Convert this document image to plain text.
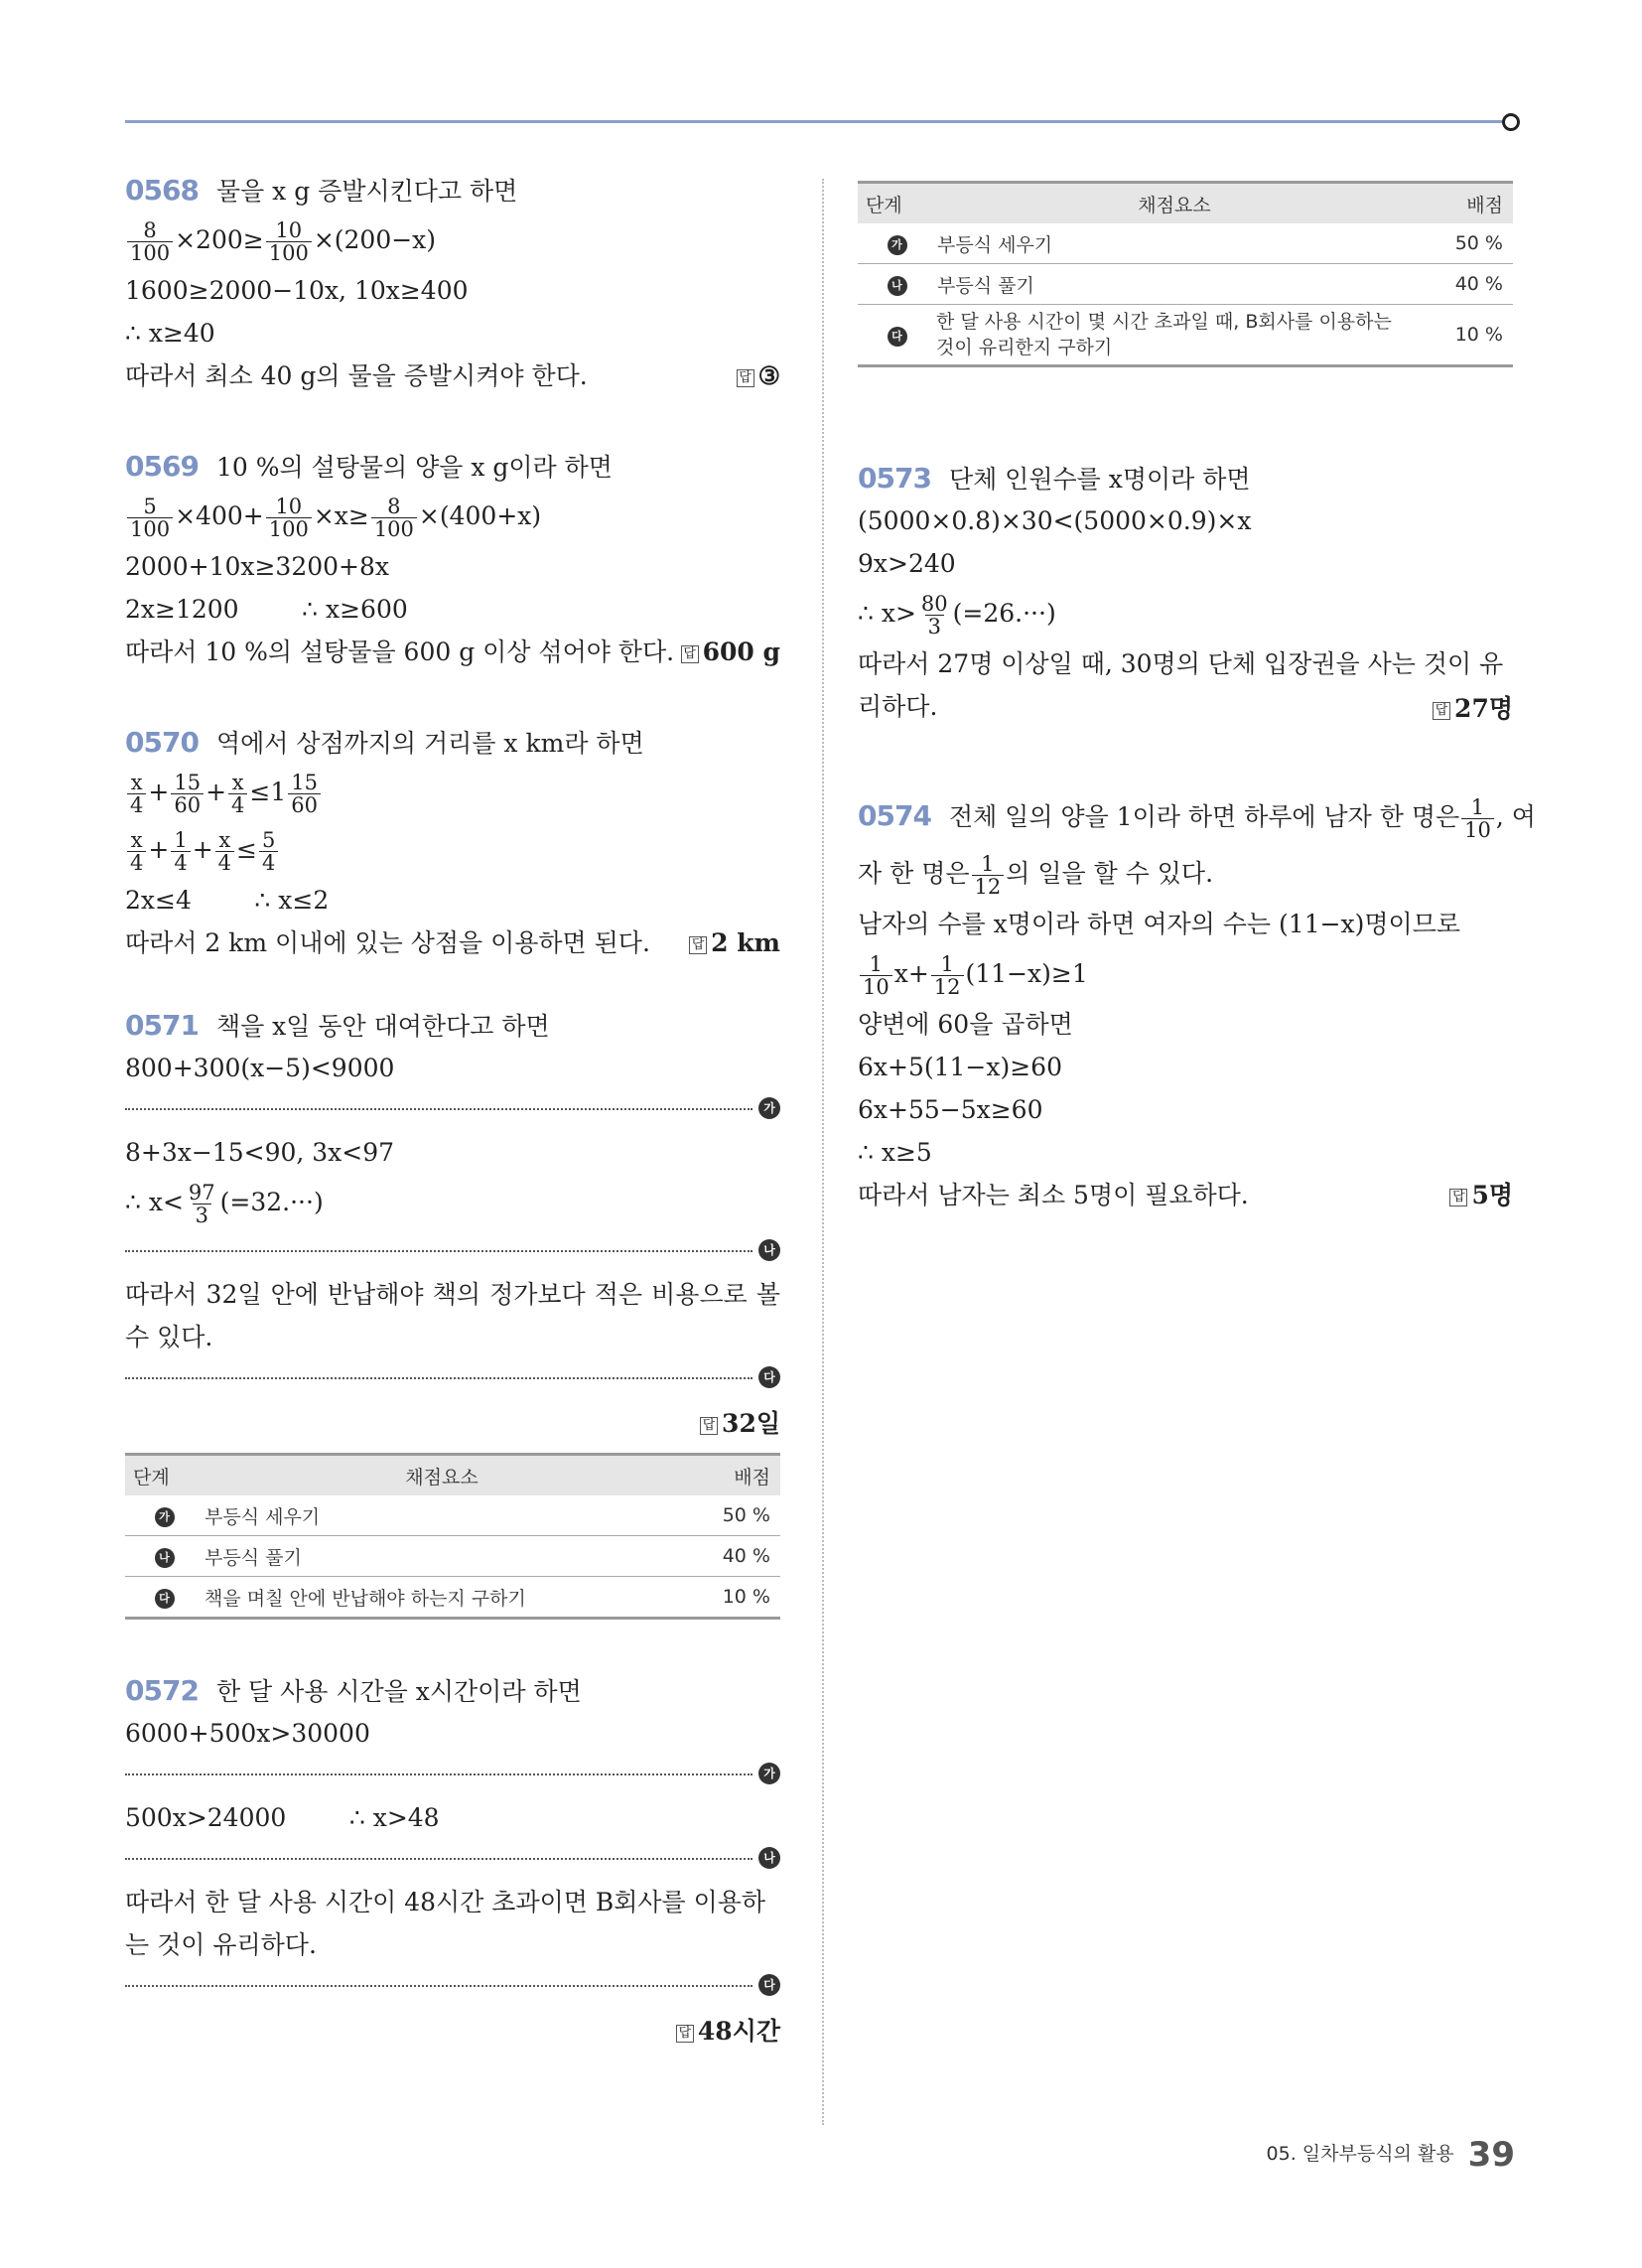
0568 물을 x g 증발시킨다고 하면
$\frac{8}{100} \times 200\ge \frac{10}{100} \times(200-x)$
1600≥2000−10x, 10x≥400
∴ x≥40
따라서 최소 40 g의 물을 증발시켜야 한다.	답 ③
0569 10 %의 설탕물의 양을 x g이라 하면
$\frac{5}{100} \times 400+ \frac{10}{100} \times x\ge \frac{8}{100} \times(400+x)$
2000+10x≥3200+8x
2x≥1200        ∴ x≥600
따라서 10 %의 설탕물을 600 g 이상 섞어야 한다. 답 600 g
0570 역에서 상점까지의 거리를 x km라 하면
$\frac{x}{4} + \frac{15}{60} + \frac{x}{4} \le 1 \frac{15}{60}$
$\frac{x}{4} + \frac{1}{4} + \frac{x}{4} \le \frac{5}{4}$
2x≤4        ∴ x≤2
따라서 2 km 이내에 있는 상점을 이용하면 된다.	답 2 km
0571 책을 x일 동안 대여한다고 하면
800+300(x−5)<9000
가
8+3x−15<90, 3x<97
∴ $x< \frac{97}{3} (=32.\cdot\cdot\cdot)$
나
따라서 32일 안에 반납해야 책의 정가보다 적은 비용으로 볼 수 있다.
다
답 32일
단계	채점요소	배점
가	부등식 세우기	50 %
나	부등식 풀기	40 %
다	책을 며칠 안에 반납해야 하는지 구하기	10 %
0572 한 달 사용 시간을 x시간이라 하면
6000+500x>30000
가
500x>24000        ∴ x>48
나
따라서 한 달 사용 시간이 48시간 초과이면 B회사를 이용하는 것이 유리하다.
다
답 48시간
단계	채점요소	배점
가	부등식 세우기	50 %
나	부등식 풀기	40 %
다	한 달 사용 시간이 몇 시간 초과일 때, B회사를 이용하는 것이 유리한지 구하기	10 %
0573 단체 인원수를 x명이라 하면
(5000×0.8)×30<(5000×0.9)×x
9x>240
∴ $x> \frac{80}{3} (=26.\cdot\cdot\cdot)$
따라서 27명 이상일 때, 30명의 단체 입장권을 사는 것이 유리하다.	답 27명
0574 전체 일의 양을 1이라 하면 하루에 남자 한 명은 $\frac{1}{10}$ , 여
자 한 명은 $\frac{1}{12}$ 의 일을 할 수 있다.
남자의 수를 x명이라 하면 여자의 수는 (11−x)명이므로
$\frac{1}{10} x+ \frac{1}{12} (11-x)\ge 1$
양변에 60을 곱하면
6x+5(11−x)≥60
6x+55−5x≥60
∴ x≥5
따라서 남자는 최소 5명이 필요하다.	답 5명
05. 일차부등식의 활용 39
